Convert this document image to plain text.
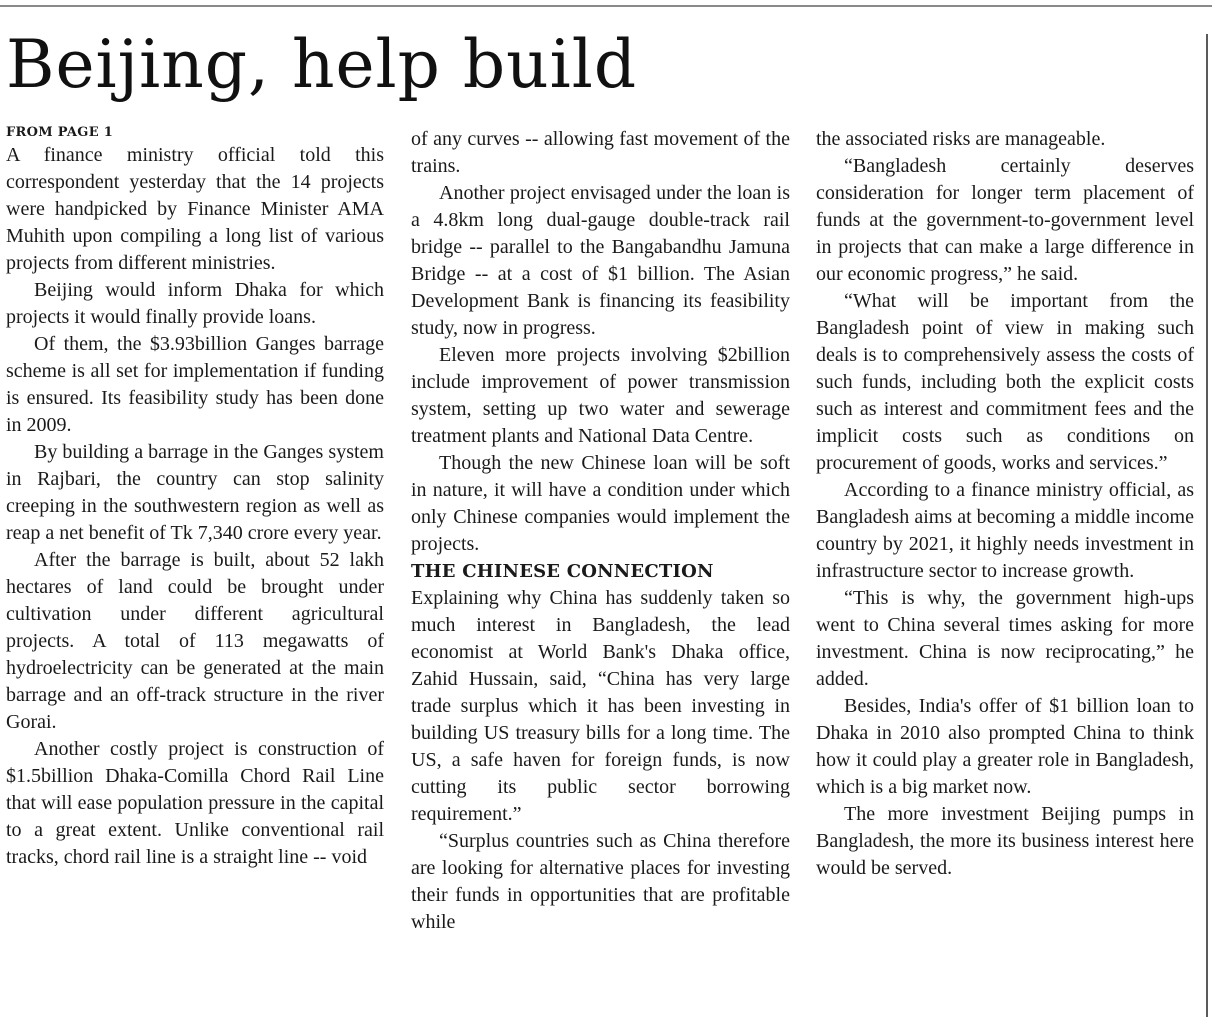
Beijing, help build
FROM PAGE 1

A finance ministry official told this correspondent yesterday that the 14 projects were handpicked by Finance Minister AMA Muhith upon compiling a long list of various projects from different ministries.

Beijing would inform Dhaka for which projects it would finally provide loans.

Of them, the $3.93billion Ganges barrage scheme is all set for implementation if funding is ensured. Its feasibility study has been done in 2009.

By building a barrage in the Ganges system in Rajbari, the country can stop salinity creeping in the southwestern region as well as reap a net benefit of Tk 7,340 crore every year.

After the barrage is built, about 52 lakh hectares of land could be brought under cultivation under different agricultural projects. A total of 113 megawatts of hydroelectricity can be generated at the main barrage and an off-track structure in the river Gorai.

Another costly project is construction of $1.5billion Dhaka-Comilla Chord Rail Line that will ease population pressure in the capital to a great extent. Unlike conventional rail tracks, chord rail line is a straight line -- void

of any curves -- allowing fast movement of the trains.

Another project envisaged under the loan is a 4.8km long dual-gauge double-track rail bridge -- parallel to the Bangabandhu Jamuna Bridge -- at a cost of $1 billion. The Asian Development Bank is financing its feasibility study, now in progress.

Eleven more projects involving $2billion include improvement of power transmission system, setting up two water and sewerage treatment plants and National Data Centre.

Though the new Chinese loan will be soft in nature, it will have a condition under which only Chinese companies would implement the projects.

THE CHINESE CONNECTION

Explaining why China has suddenly taken so much interest in Bangladesh, the lead economist at World Bank's Dhaka office, Zahid Hussain, said, “China has very large trade surplus which it has been investing in building US treasury bills for a long time. The US, a safe haven for foreign funds, is now cutting its public sector borrowing requirement.”

“Surplus countries such as China therefore are looking for alternative places for investing their funds in opportunities that are profitable while

the associated risks are manageable.

“Bangladesh certainly deserves consideration for longer term placement of funds at the government-to-government level in projects that can make a large difference in our economic progress,” he said.

“What will be important from the Bangladesh point of view in making such deals is to comprehensively assess the costs of such funds, including both the explicit costs such as interest and commitment fees and the implicit costs such as conditions on procurement of goods, works and services.”

According to a finance ministry official, as Bangladesh aims at becoming a middle income country by 2021, it highly needs investment in infrastructure sector to increase growth.

“This is why, the government high-ups went to China several times asking for more investment. China is now reciprocating,” he added.

Besides, India's offer of $1 billion loan to Dhaka in 2010 also prompted China to think how it could play a greater role in Bangladesh, which is a big market now.

The more investment Beijing pumps in Bangladesh, the more its business interest here would be served.
